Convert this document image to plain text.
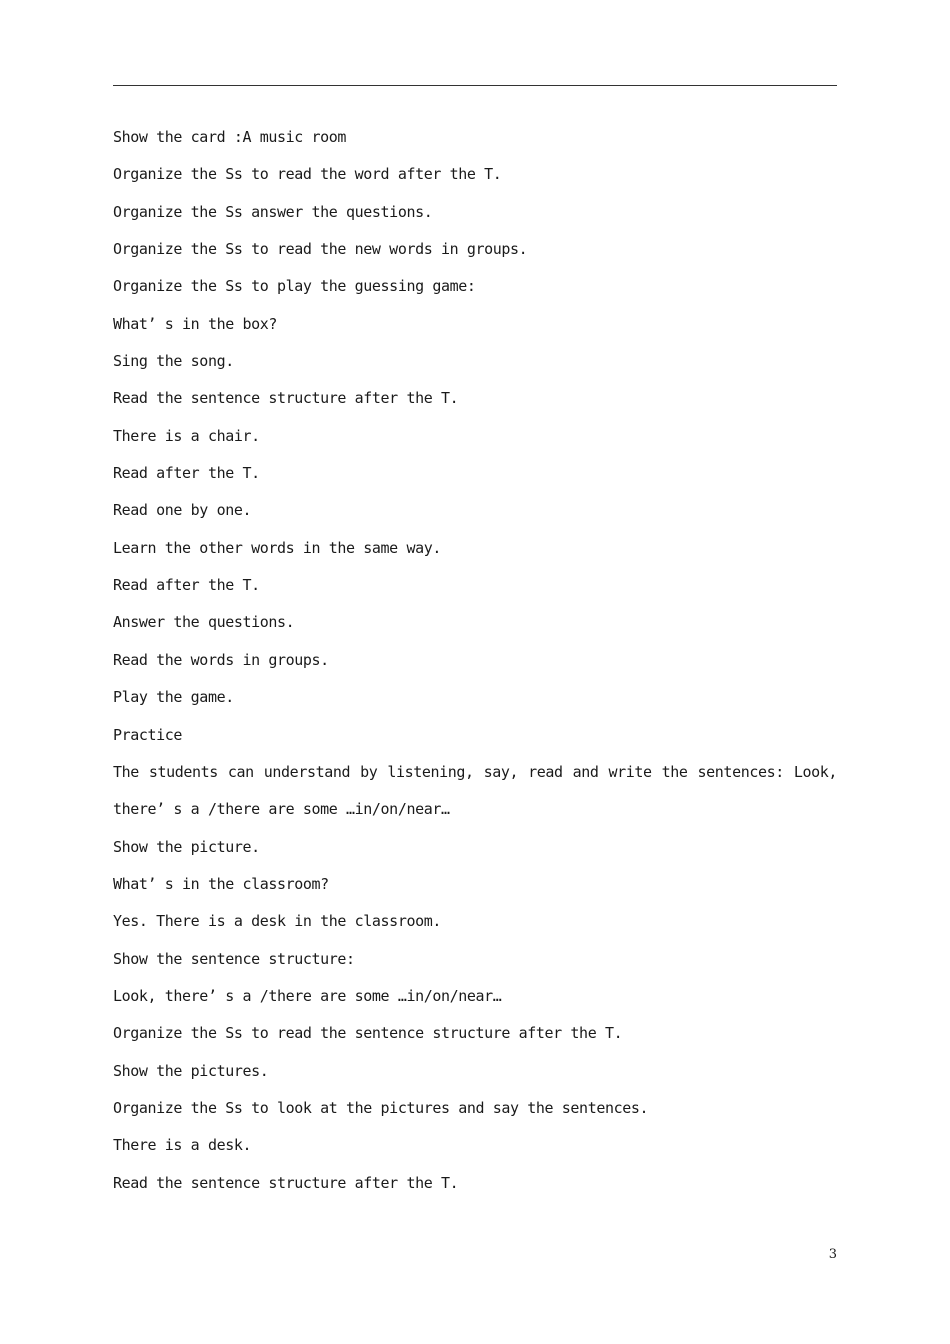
Show the card :A music room
Organize the Ss to read the word after the T.
Organize the Ss answer the questions.
Organize the Ss to read the new words in groups.
Organize the Ss to play the guessing game:
What’ s in the box?
Sing the song.
Read the sentence structure after the T.
There is a chair.
Read after the T.
Read one by one.
Learn the other words in the same way.
Read after the T.
Answer the questions.
Read the words in groups.
Play the game.
Practice
The students can understand by listening, say, read and write the sentences: Look,
there’ s a /there are some …in/on/near…
Show the picture.
What’ s in the classroom?
Yes. There is a desk in the classroom.
Show the sentence structure:
Look, there’ s a /there are some …in/on/near…
Organize the Ss to read the sentence structure after the T.
Show the pictures.
Organize the Ss to look at the pictures and say the sentences.
There is a desk.
Read the sentence structure after the T.
3
